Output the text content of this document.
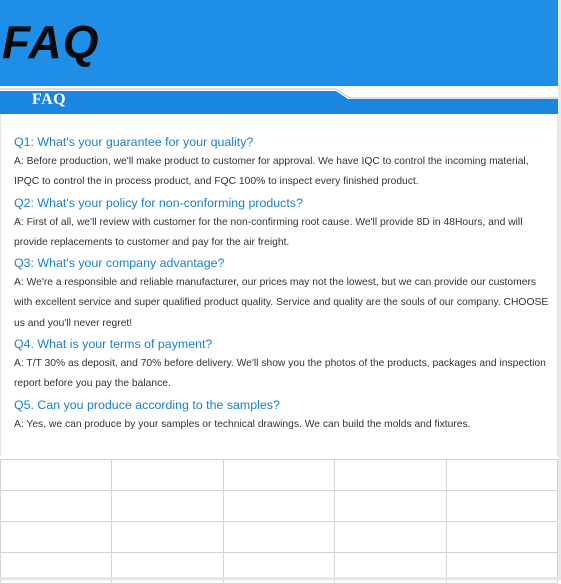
FAQ
FAQ
Q1: What's your guarantee for your quality?
A: Before production, we'll make product to customer for approval. We have IQC to control the incoming material, IPQC to control the in process product, and FQC 100% to inspect every finished product.
Q2: What's your policy for non-conforming products?
A: First of all, we'll review with customer for the non-confirming root cause. We'll provide 8D in 48Hours, and will provide replacements to customer and pay for the air freight.
Q3: What's your company advantage?
A: We're a responsible and reliable manufacturer, our prices may not the lowest, but we can provide our customers with excellent service and super qualified product quality. Service and quality are the souls of our company. CHOOSE us and you'll never regret!
Q4. What is your terms of payment?
A: T/T 30% as deposit, and 70% before delivery. We'll show you the photos of the products, packages and inspection report before you pay the balance.
Q5. Can you produce according to the samples?
A: Yes, we can produce by your samples or technical drawings. We can build the molds and fixtures.
